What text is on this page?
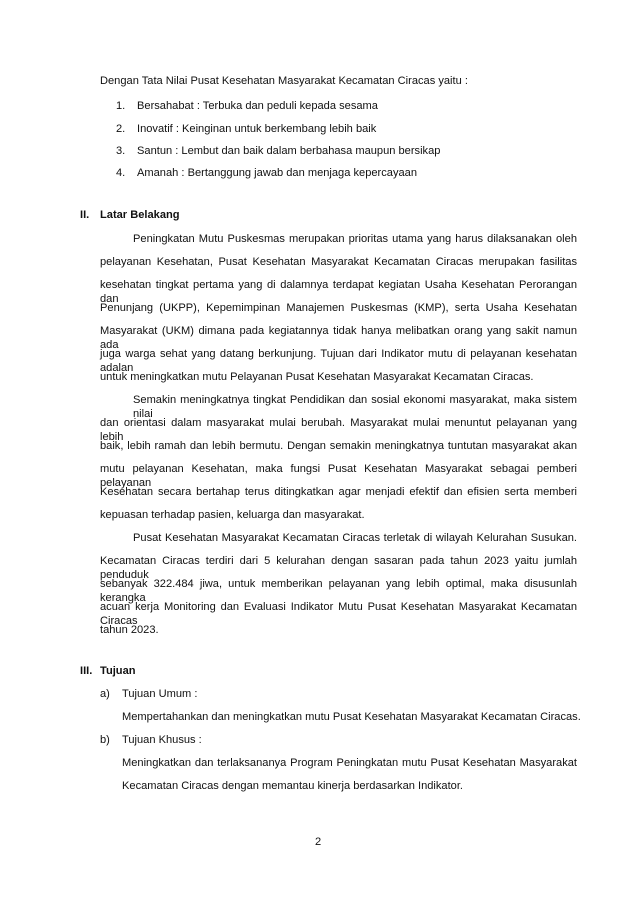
Dengan Tata Nilai Pusat Kesehatan Masyarakat Kecamatan Ciracas yaitu :
1. Bersahabat : Terbuka dan peduli kepada sesama
2. Inovatif : Keinginan untuk berkembang lebih baik
3. Santun : Lembut dan baik dalam berbahasa maupun bersikap
4. Amanah : Bertanggung jawab dan menjaga kepercayaan
II. Latar Belakang
Peningkatan Mutu Puskesmas merupakan prioritas utama yang harus dilaksanakan oleh
pelayanan Kesehatan, Pusat Kesehatan Masyarakat Kecamatan Ciracas merupakan fasilitas
kesehatan tingkat pertama yang di dalamnya terdapat kegiatan Usaha Kesehatan Perorangan dan
Penunjang (UKPP), Kepemimpinan Manajemen Puskesmas (KMP), serta Usaha Kesehatan
Masyarakat (UKM) dimana pada kegiatannya tidak hanya melibatkan orang yang sakit namun ada
juga warga sehat yang datang berkunjung. Tujuan dari Indikator mutu di pelayanan kesehatan adalan
untuk meningkatkan mutu Pelayanan Pusat Kesehatan Masyarakat Kecamatan Ciracas.
Semakin meningkatnya tingkat Pendidikan dan sosial ekonomi masyarakat, maka sistem nilai
dan orientasi dalam masyarakat mulai berubah. Masyarakat mulai menuntut pelayanan yang lebih
baik, lebih ramah dan lebih bermutu. Dengan semakin meningkatnya tuntutan masyarakat akan
mutu pelayanan Kesehatan, maka fungsi Pusat Kesehatan Masyarakat sebagai pemberi pelayanan
Kesehatan secara bertahap terus ditingkatkan agar menjadi efektif dan efisien serta memberi
kepuasan terhadap pasien, keluarga dan masyarakat.
Pusat Kesehatan Masyarakat Kecamatan Ciracas terletak di wilayah Kelurahan Susukan.
Kecamatan Ciracas terdiri dari 5 kelurahan dengan sasaran pada tahun 2023 yaitu jumlah penduduk
sebanyak 322.484 jiwa, untuk memberikan pelayanan yang lebih optimal, maka disusunlah kerangka
acuan kerja Monitoring dan Evaluasi Indikator Mutu Pusat Kesehatan Masyarakat Kecamatan Ciracas
tahun 2023.
III. Tujuan
a) Tujuan Umum :
Mempertahankan dan meningkatkan mutu Pusat Kesehatan Masyarakat Kecamatan Ciracas.
b) Tujuan Khusus :
Meningkatkan dan terlaksananya Program Peningkatan mutu Pusat Kesehatan Masyarakat
Kecamatan Ciracas dengan memantau kinerja berdasarkan Indikator.
2
